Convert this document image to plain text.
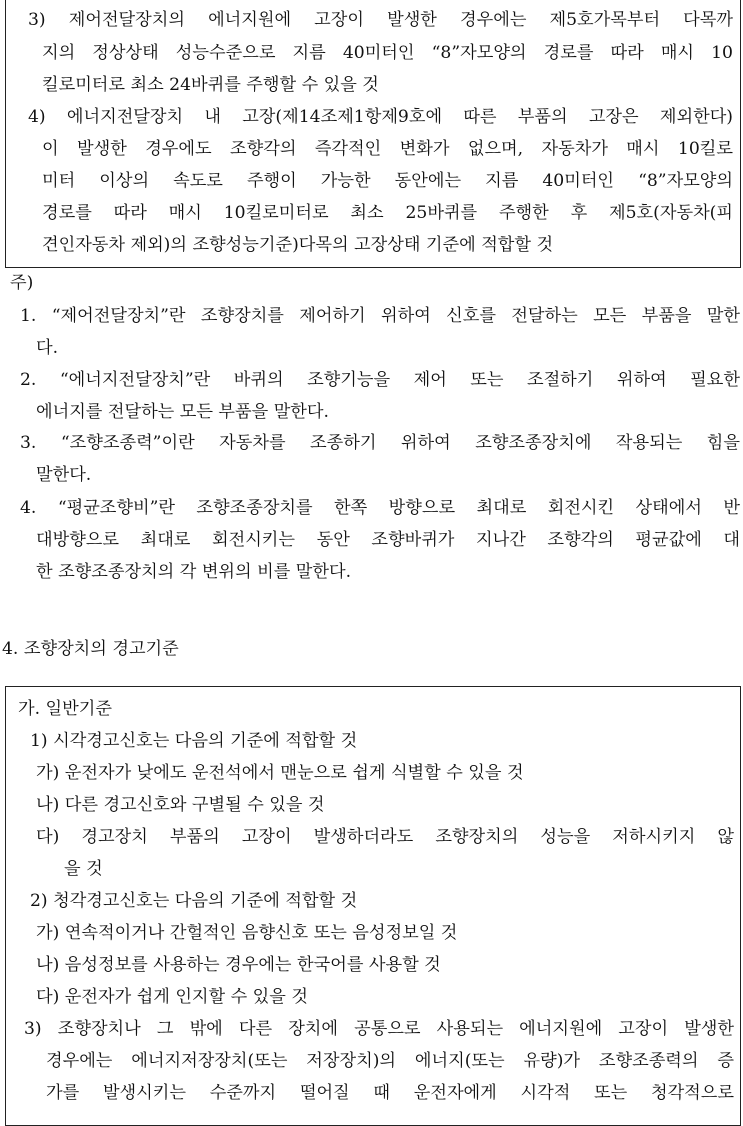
3) 제어전달장치의 에너지원에 고장이 발생한 경우에는 제5호가목부터 다목까
지의 정상상태 성능수준으로 지름 40미터인 “8”자모양의 경로를 따라 매시 10
킬로미터로 최소 24바퀴를 주행할 수 있을 것
4) 에너지전달장치 내 고장(제14조제1항제9호에 따른 부품의 고장은 제외한다)
이 발생한 경우에도 조향각의 즉각적인 변화가 없으며, 자동차가 매시 10킬로
미터 이상의 속도로 주행이 가능한 동안에는 지름 40미터인 “8”자모양의
경로를 따라 매시 10킬로미터로 최소 25바퀴를 주행한 후 제5호(자동차(피
견인자동차 제외)의 조향성능기준)다목의 고장상태 기준에 적합할 것
주)
1. “제어전달장치”란 조향장치를 제어하기 위하여 신호를 전달하는 모든 부품을 말한
다.
2. “에너지전달장치”란 바퀴의 조향기능을 제어 또는 조절하기 위하여 필요한
에너지를 전달하는 모든 부품을 말한다.
3. “조향조종력”이란 자동차를 조종하기 위하여 조향조종장치에 작용되는 힘을
말한다.
4. “평균조향비”란 조향조종장치를 한쪽 방향으로 최대로 회전시킨 상태에서 반
대방향으로 최대로 회전시키는 동안 조향바퀴가 지나간 조향각의 평균값에 대
한 조향조종장치의 각 변위의 비를 말한다.
4. 조향장치의 경고기준
가. 일반기준
1) 시각경고신호는 다음의 기준에 적합할 것
가) 운전자가 낮에도 운전석에서 맨눈으로 쉽게 식별할 수 있을 것
나) 다른 경고신호와 구별될 수 있을 것
다) 경고장치 부품의 고장이 발생하더라도 조향장치의 성능을 저하시키지 않
을 것
2) 청각경고신호는 다음의 기준에 적합할 것
가) 연속적이거나 간헐적인 음향신호 또는 음성정보일 것
나) 음성정보를 사용하는 경우에는 한국어를 사용할 것
다) 운전자가 쉽게 인지할 수 있을 것
3) 조향장치나 그 밖에 다른 장치에 공통으로 사용되는 에너지원에 고장이 발생한
경우에는 에너지저장장치(또는 저장장치)의 에너지(또는 유량)가 조향조종력의 증
가를 발생시키는 수준까지 떨어질 때 운전자에게 시각적 또는 청각적으로
